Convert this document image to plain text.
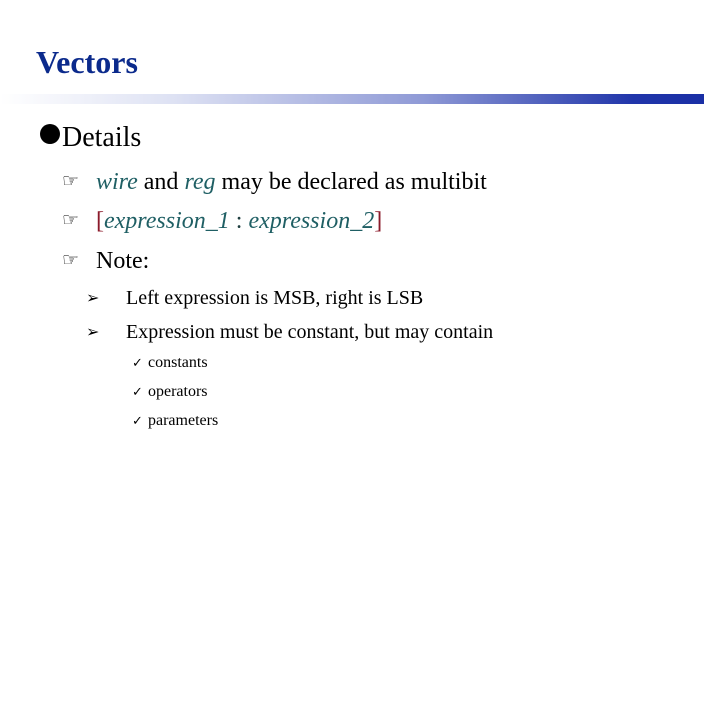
Vectors
Details
☞ wire and reg may be declared as multibit
☞ [expression_1 : expression_2]
☞ Note:
➢ Left expression is MSB, right is LSB
➢ Expression must be constant, but may contain
✓ constants
✓ operators
✓ parameters
